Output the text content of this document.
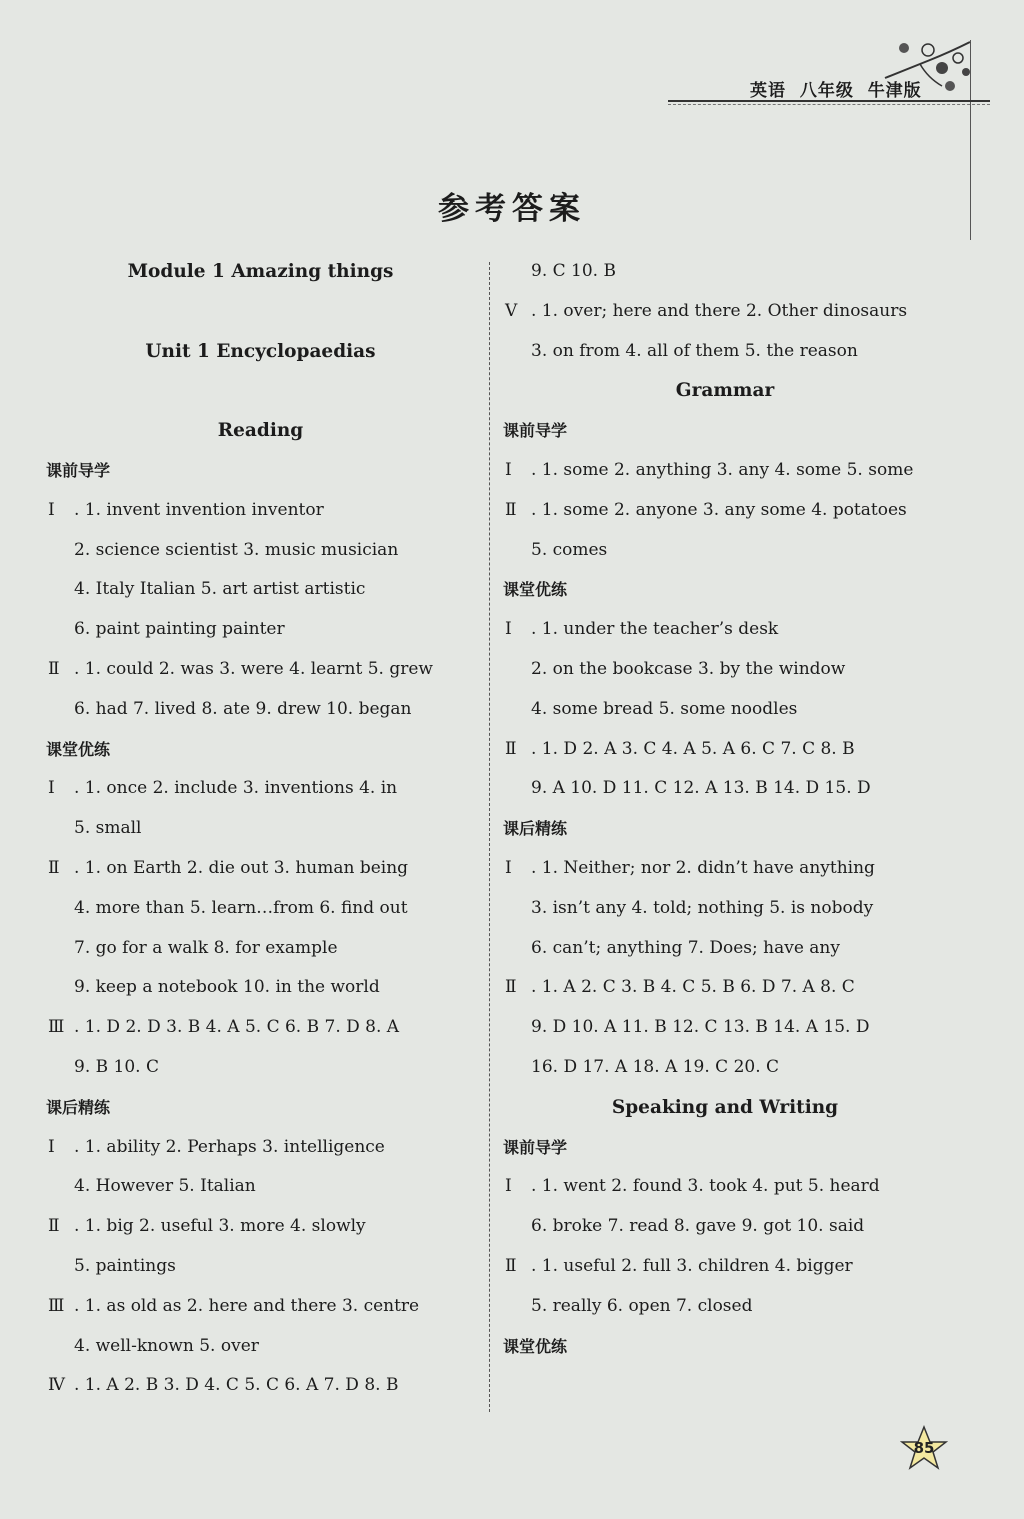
英语 八年级 牛津版
参考答案
Module 1 Amazing things
Unit 1 Encyclopaedias
Reading
课前导学
Ⅰ . 1. invent invention inventor
2. science scientist 3. music musician
4. Italy Italian 5. art artist artistic
6. paint painting painter
Ⅱ . 1. could 2. was 3. were 4. learnt 5. grew
6. had 7. lived 8. ate 9. drew 10. began
课堂优练
Ⅰ . 1. once 2. include 3. inventions 4. in
5. small
Ⅱ . 1. on Earth 2. die out 3. human being
4. more than 5. learn…from 6. find out
7. go for a walk 8. for example
9. keep a notebook 10. in the world
Ⅲ . 1. D 2. D 3. B 4. A 5. C 6. B 7. D 8. A
9. B 10. C
课后精练
Ⅰ . 1. ability 2. Perhaps 3. intelligence
4. However 5. Italian
Ⅱ . 1. big 2. useful 3. more 4. slowly
5. paintings
Ⅲ . 1. as old as 2. here and there 3. centre
4. well-known 5. over
Ⅳ . 1. A 2. B 3. D 4. C 5. C 6. A 7. D 8. B
9. C 10. B
Ⅴ . 1. over; here and there 2. Other dinosaurs
3. on from 4. all of them 5. the reason
Grammar
课前导学
Ⅰ . 1. some 2. anything 3. any 4. some 5. some
Ⅱ . 1. some 2. anyone 3. any some 4. potatoes
5. comes
课堂优练
Ⅰ . 1. under the teacher’s desk
2. on the bookcase 3. by the window
4. some bread 5. some noodles
Ⅱ . 1. D 2. A 3. C 4. A 5. A 6. C 7. C 8. B
9. A 10. D 11. C 12. A 13. B 14. D 15. D
课后精练
Ⅰ . 1. Neither; nor 2. didn’t have anything
3. isn’t any 4. told; nothing 5. is nobody
6. can’t; anything 7. Does; have any
Ⅱ . 1. A 2. C 3. B 4. C 5. B 6. D 7. A 8. C
9. D 10. A 11. B 12. C 13. B 14. A 15. D
16. D 17. A 18. A 19. C 20. C
Speaking and Writing
课前导学
Ⅰ . 1. went 2. found 3. took 4. put 5. heard
6. broke 7. read 8. gave 9. got 10. said
Ⅱ . 1. useful 2. full 3. children 4. bigger
5. really 6. open 7. closed
课堂优练
85
